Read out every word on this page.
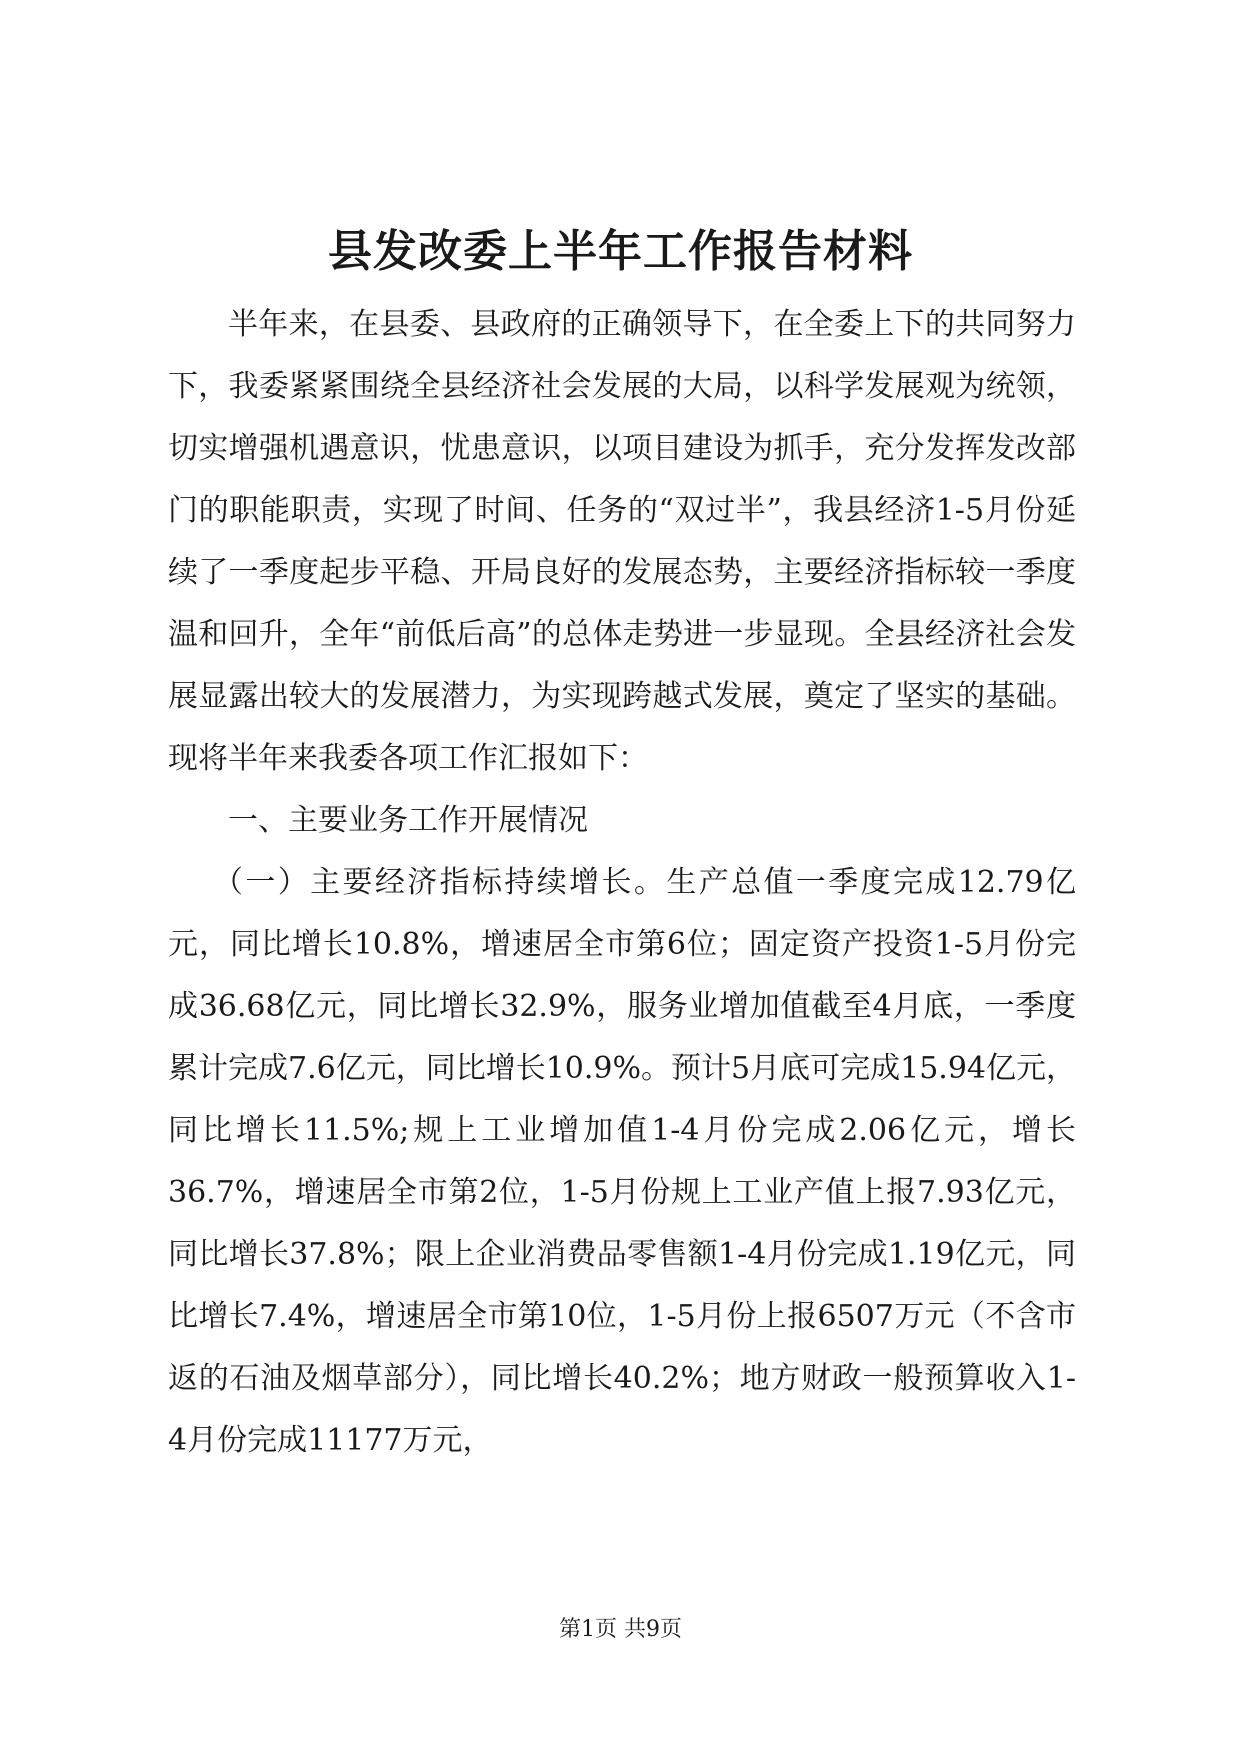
县发改委上半年工作报告材料

半年来，在县委、县政府的正确领导下，在全委上下的共同努力下，我委紧紧围绕全县经济社会发展的大局，以科学发展观为统领，切实增强机遇意识，忧患意识，以项目建设为抓手，充分发挥发改部门的职能职责，实现了时间、任务的“双过半”，我县经济1-5月份延续了一季度起步平稳、开局良好的发展态势，主要经济指标较一季度温和回升，全年“前低后高”的总体走势进一步显现。全县经济社会发展显露出较大的发展潜力，为实现跨越式发展，奠定了坚实的基础。现将半年来我委各项工作汇报如下：

一、主要业务工作开展情况

（一）主要经济指标持续增长。生产总值一季度完成12.79亿元，同比增长10.8%，增速居全市第6位；固定资产投资1-5月份完成36.68亿元，同比增长32.9%，服务业增加值截至4月底，一季度累计完成7.6亿元，同比增长10.9%。预计5月底可完成15.94亿元，同比增长11.5%;规上工业增加值1-4月份完成2.06亿元，增长36.7%，增速居全市第2位，1-5月份规上工业产值上报7.93亿元，同比增长37.8%；限上企业消费品零售额1-4月份完成1.19亿元，同比增长7.4%，增速居全市第10位，1-5月份上报6507万元（不含市返的石油及烟草部分），同比增长40.2%；地方财政一般预算收入1-4月份完成11177万元，

第1页 共9页
